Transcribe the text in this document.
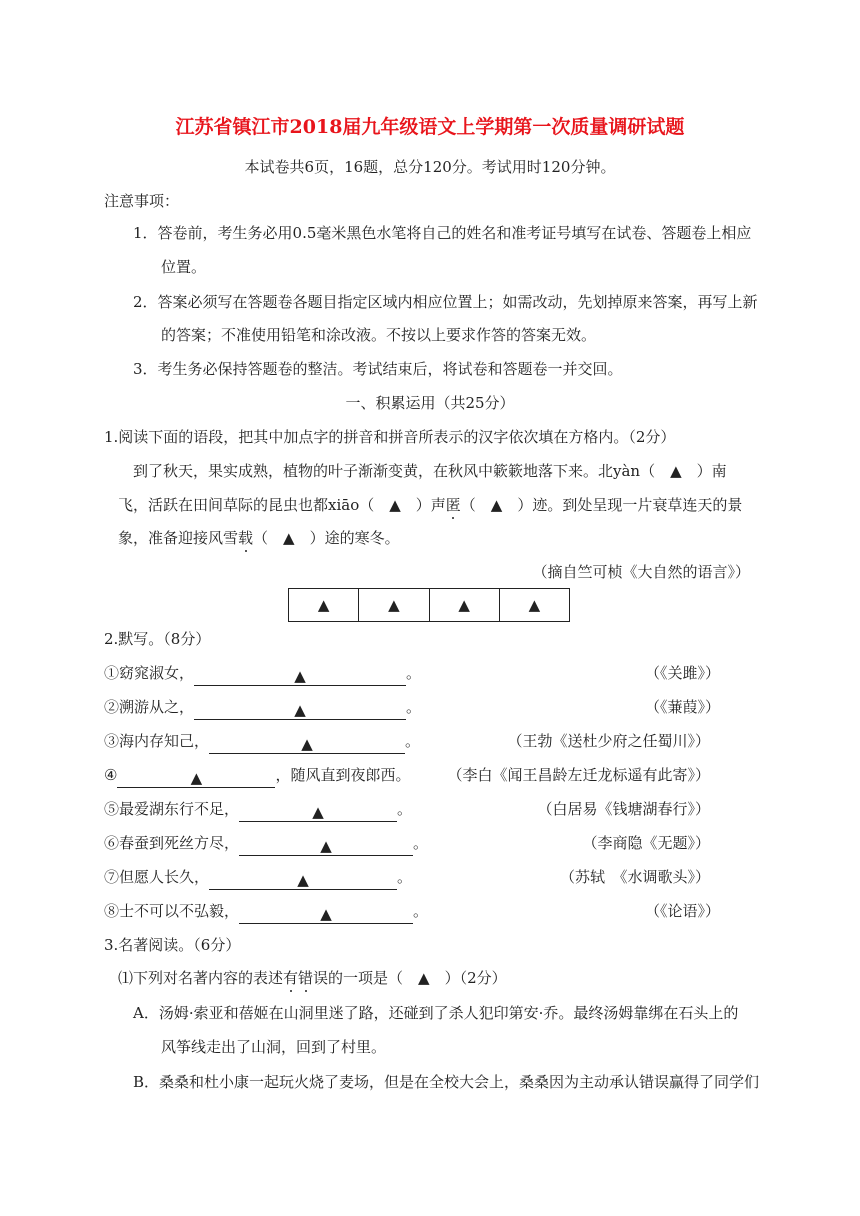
江苏省镇江市2018届九年级语文上学期第一次质量调研试题
本试卷共6页，16题，总分120分。考试用时120分钟。
注意事项：
1．答卷前，考生务必用0.5毫米黑色水笔将自己的姓名和准考证号填写在试卷、答题卷上相应
位置。
2．答案必须写在答题卷各题目指定区域内相应位置上；如需改动，先划掉原来答案，再写上新
的答案；不准使用铅笔和涂改液。不按以上要求作答的答案无效。
3．考生务必保持答题卷的整洁。考试结束后，将试卷和答题卷一并交回。
一、积累运用（共25分）
1.阅读下面的语段，把其中加点字的拼音和拼音所表示的汉字依次填在方格内。（2分）
到了秋天，果实成熟，植物的叶子渐渐变黄，在秋风中簌簌地落下来。北yàn（　▲　）南
飞，活跃在田间草际的昆虫也都xiāo（　▲　）声匿（　▲　）迹。到处呈现一片衰草连天的景
象，准备迎接风雪载（　▲　）途的寒冬。
（摘自竺可桢《大自然的语言》）
▲	▲	▲	▲
2.默写。（8分）
①窈窕淑女，	▲	。	（《关雎》）
②溯游从之，	▲	。	（《蒹葭》）
③海内存知己，	▲	。	（王勃《送杜少府之任蜀川》）
④	▲	，随风直到夜郎西。	（李白《闻王昌龄左迁龙标遥有此寄》）
⑤最爱湖东行不足，	▲	。	（白居易《钱塘湖春行》）
⑥春蚕到死丝方尽，	▲	。	（李商隐《无题》）
⑦但愿人长久，	▲	。	（苏轼　《水调歌头》）
⑧士不可以不弘毅，	▲	。	（《论语》）
3.名著阅读。（6分）
⑴下列对名著内容的表述有错误的一项是（　▲　）（2分）
A．汤姆·索亚和蓓姬在山洞里迷了路，还碰到了杀人犯印第安·乔。最终汤姆靠绑在石头上的
风筝线走出了山洞，回到了村里。
B．桑桑和杜小康一起玩火烧了麦场，但是在全校大会上，桑桑因为主动承认错误赢得了同学们
